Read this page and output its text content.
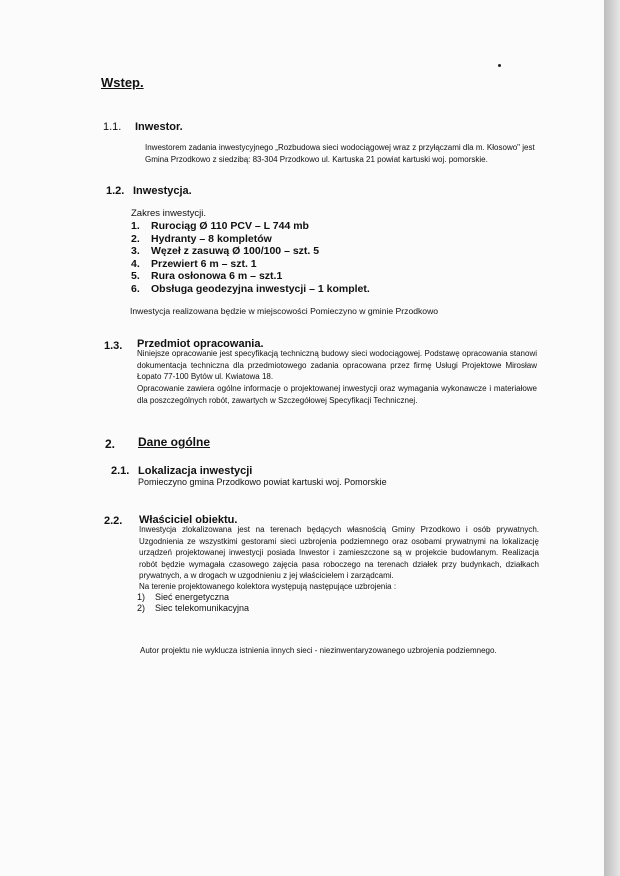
Wstep.
1.1. Inwestor.
Inwestorem zadania inwestycyjnego „Rozbudowa sieci wodociągowej wraz z przyłączami dla m. Kłosowo" jest
Gmina Przodkowo z siedzibą: 83-304 Przodkowo ul. Kartuska 21 powiat kartuski woj. pomorskie.
1.2. Inwestycja.
Zakres inwestycji.
1.	Rurociąg Ø 110 PCV – L 744 mb
2.	Hydranty – 8 kompletów
3.	Węzeł z zasuwą Ø 100/100 – szt. 5
4.	Przewiert 6 m – szt. 1
5.	Rura osłonowa 6 m – szt.1
6.	Obsługa geodezyjna inwestycji – 1 komplet.
Inwestycja realizowana będzie w miejscowości Pomieczyno w gminie Przodkowo
1.3. Przedmiot opracowania.
Niniejsze opracowanie jest specyfikacją techniczną budowy sieci wodociągowej. Podstawę opracowania stanowi dokumentacja techniczna dla przedmiotowego zadania opracowana przez firmę Usługi Projektowe Mirosław Łopato 77-100 Bytów ul. Kwiatowa 18.
Opracowanie zawiera ogólne informacje o projektowanej inwestycji oraz wymagania wykonawcze i materiałowe dla poszczególnych robót, zawartych w Szczegółowej Specyfikacji Technicznej.
2. Dane ogólne
2.1. Lokalizacja inwestycji
Pomieczyno gmina Przodkowo powiat kartuski woj. Pomorskie
2.2. Właściciel obiektu.
Inwestycja zlokalizowana jest na terenach będących własnością Gminy Przodkowo i osób prywatnych. Uzgodnienia ze wszystkimi gestorami sieci uzbrojenia podziemnego oraz osobami prywatnymi na lokalizację urządzeń projektowanej inwestycji posiada Inwestor i zamieszczone są w projekcie budowlanym. Realizacja robót będzie wymagała czasowego zajęcia pasa roboczego na terenach działek przy budynkach, działkach prywatnych, a w drogach w uzgodnieniu z jej właścicielem i zarządcami.
Na terenie projektowanego kolektora występują następujące uzbrojenia :
1) Sieć energetyczna
2) Siec telekomunikacyjna
Autor projektu nie wyklucza istnienia innych sieci - niezinwentaryzowanego uzbrojenia podziemnego.
